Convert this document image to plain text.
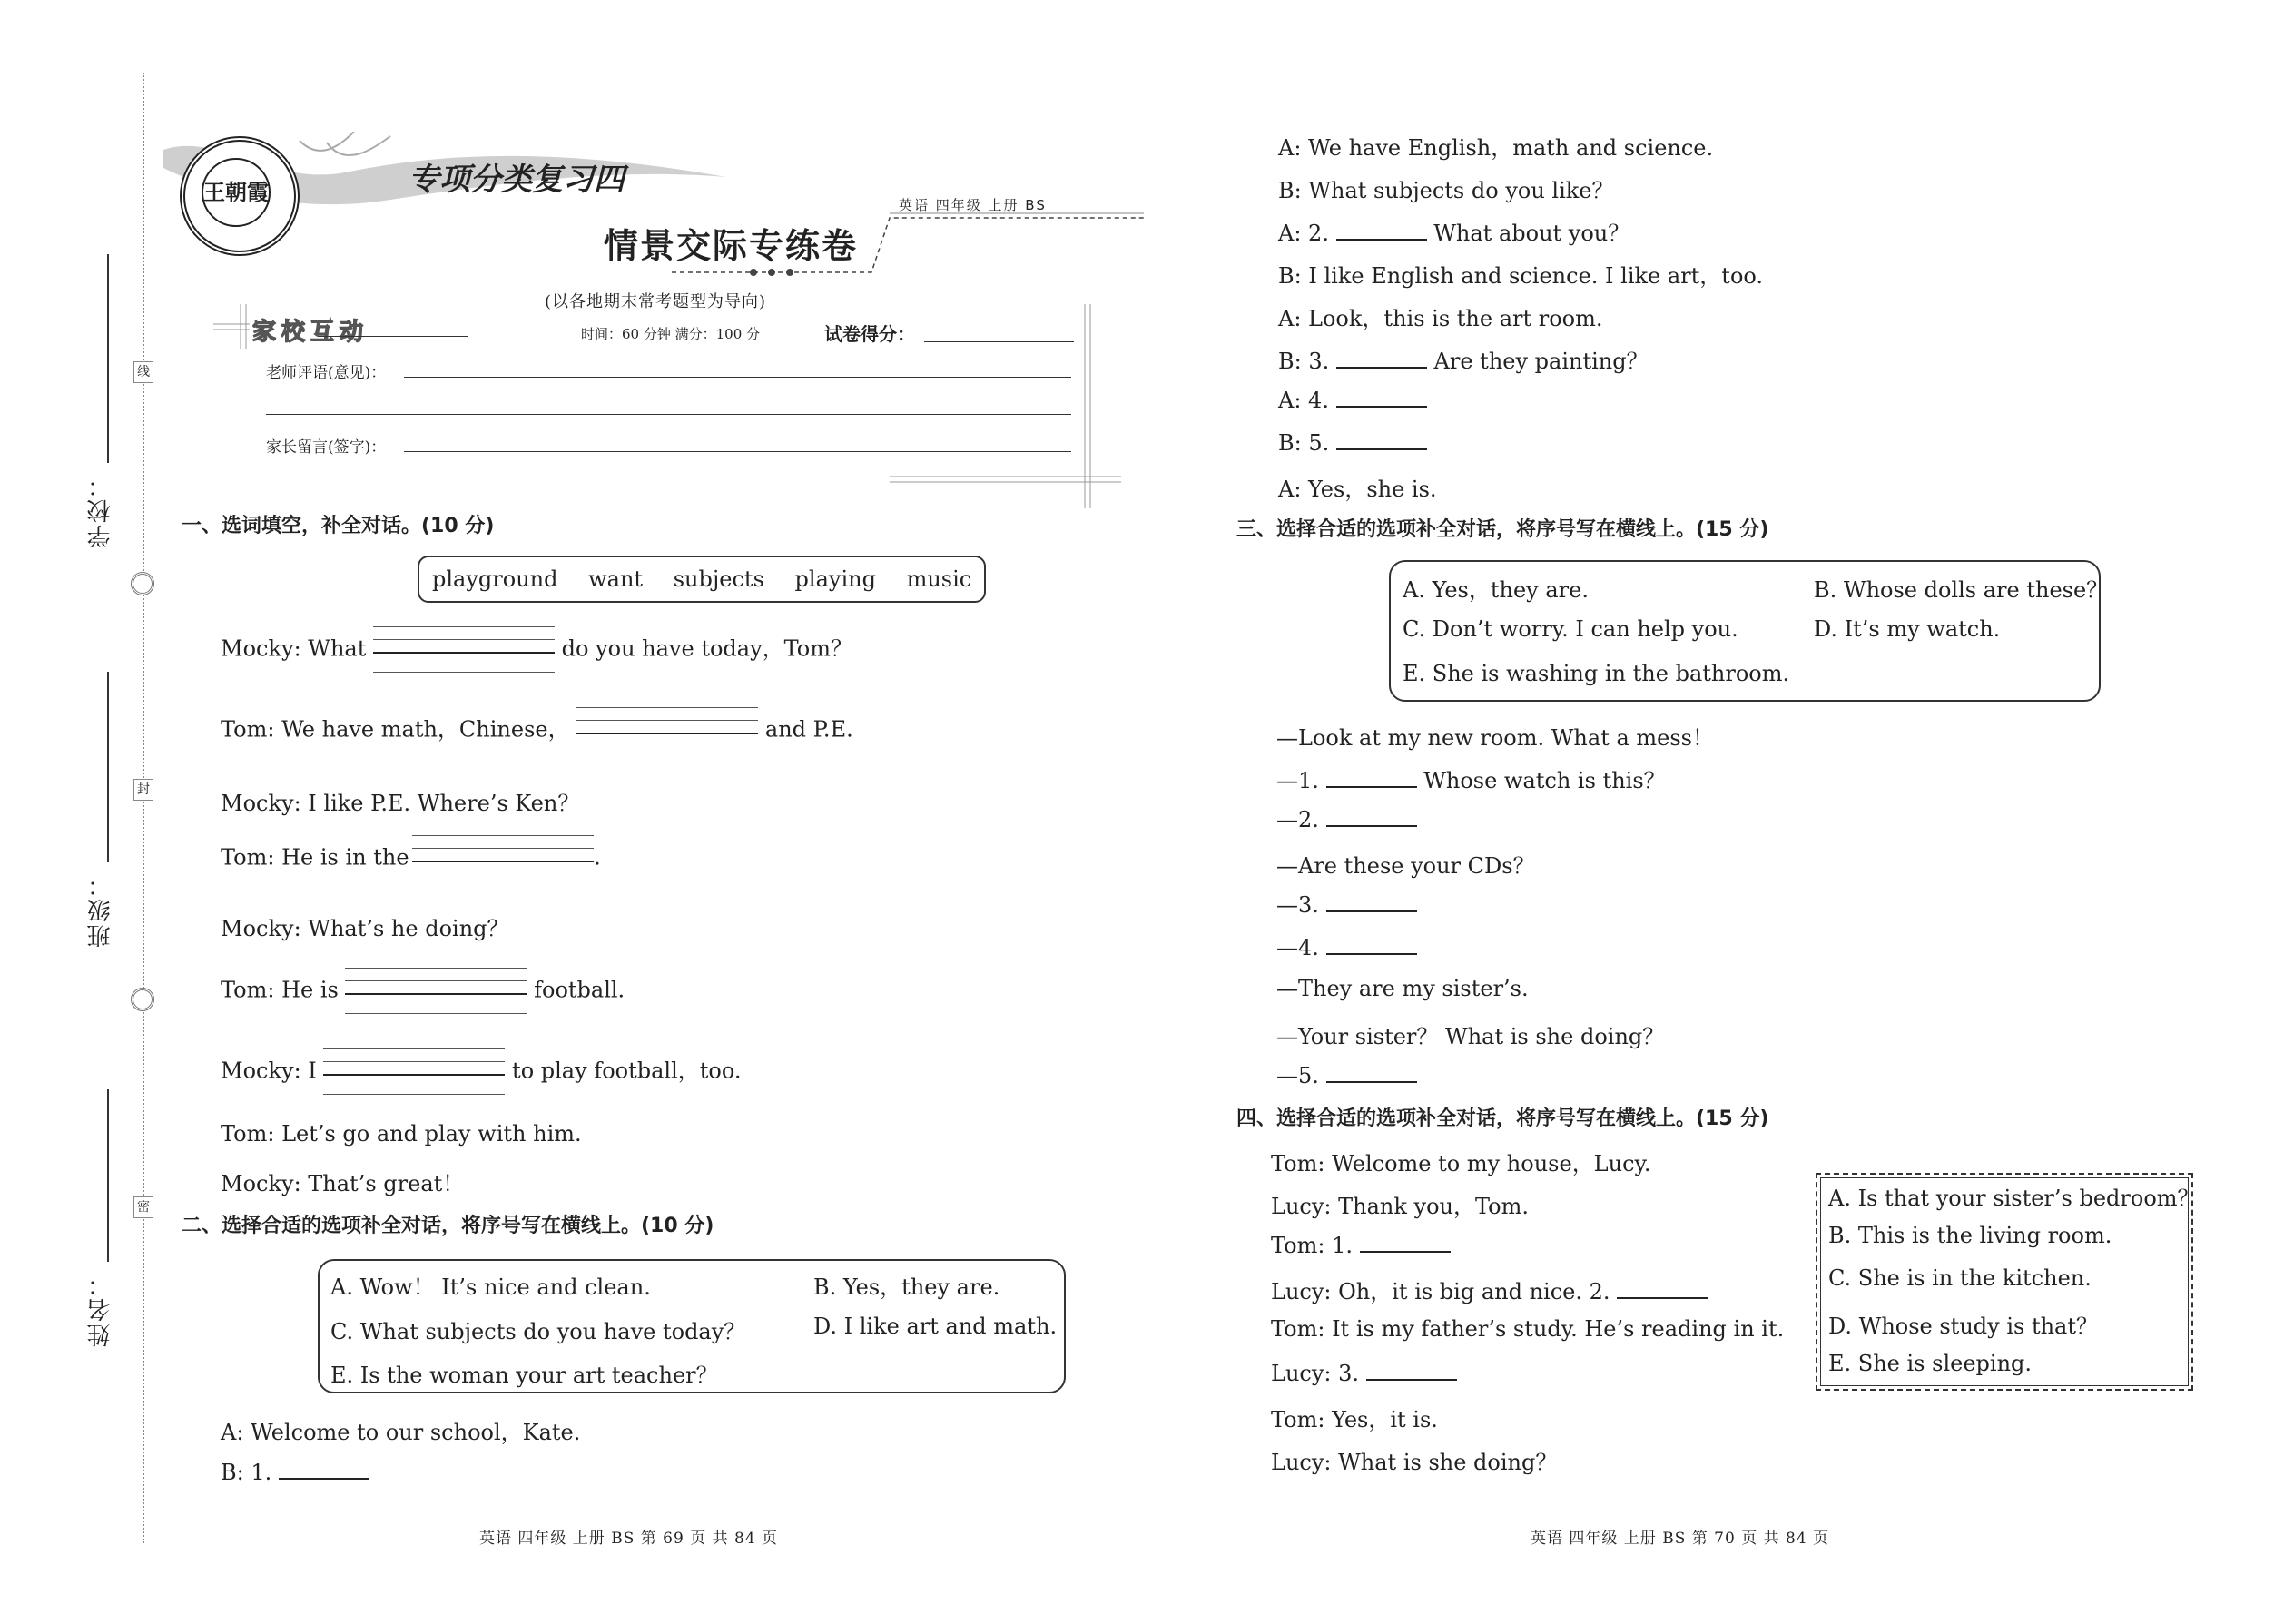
学校：
班级：
姓名：
线
封
密
王朝霞	专项分类复习四
情景交际专练卷
英语 四年级 上册 BS
(以各地期末常考题型为导向)
家校互动	时间：60 分钟 满分：100 分	试卷得分：
老师评语(意见)：
家长留言(签字)：
一、选词填空，补全对话。(10 分)
playground want subjects playing music
Mocky: What	do you have today，Tom？
Tom: We have math，Chinese，	and P.E.
Mocky: I like P.E. Where’s Ken？
Tom: He is in the	.
Mocky: What’s he doing？
Tom: He is	football.
Mocky: I	to play football，too.
Tom: Let’s go and play with him.
Mocky: That’s great！
二、选择合适的选项补全对话，将序号写在横线上。(10 分)
A. Wow！ It’s nice and clean.	B. Yes，they are.
C. What subjects do you have today？	D. I like art and math.
E. Is the woman your art teacher？
A: Welcome to our school，Kate.
B: 1.
A: We have English，math and science.
B: What subjects do you like？
A: 2.	What about you？
B: I like English and science. I like art，too.
A: Look，this is the art room.
B: 3.	Are they painting？
A: 4.
B: 5.
A: Yes，she is.
三、选择合适的选项补全对话，将序号写在横线上。(15 分)
A. Yes，they are.	B. Whose dolls are these？
C. Don’t worry. I can help you.	D. It’s my watch.
E. She is washing in the bathroom.
—Look at my new room. What a mess！
—1.	Whose watch is this？
—2.
—Are these your CDs？
—3.
—4.
—They are my sister’s.
—Your sister？ What is she doing？
—5.
四、选择合适的选项补全对话，将序号写在横线上。(15 分)
A. Is that your sister’s bedroom？
B. This is the living room.
C. She is in the kitchen.
D. Whose study is that？
E. She is sleeping.
Tom: Welcome to my house，Lucy.
Lucy: Thank you，Tom.
Tom: 1.
Lucy: Oh，it is big and nice. 2.
Tom: It is my father’s study. He’s reading in it.
Lucy: 3.
Tom: Yes，it is.
Lucy: What is she doing？
英语 四年级 上册 BS 第 69 页 共 84 页	英语 四年级 上册 BS 第 70 页 共 84 页
